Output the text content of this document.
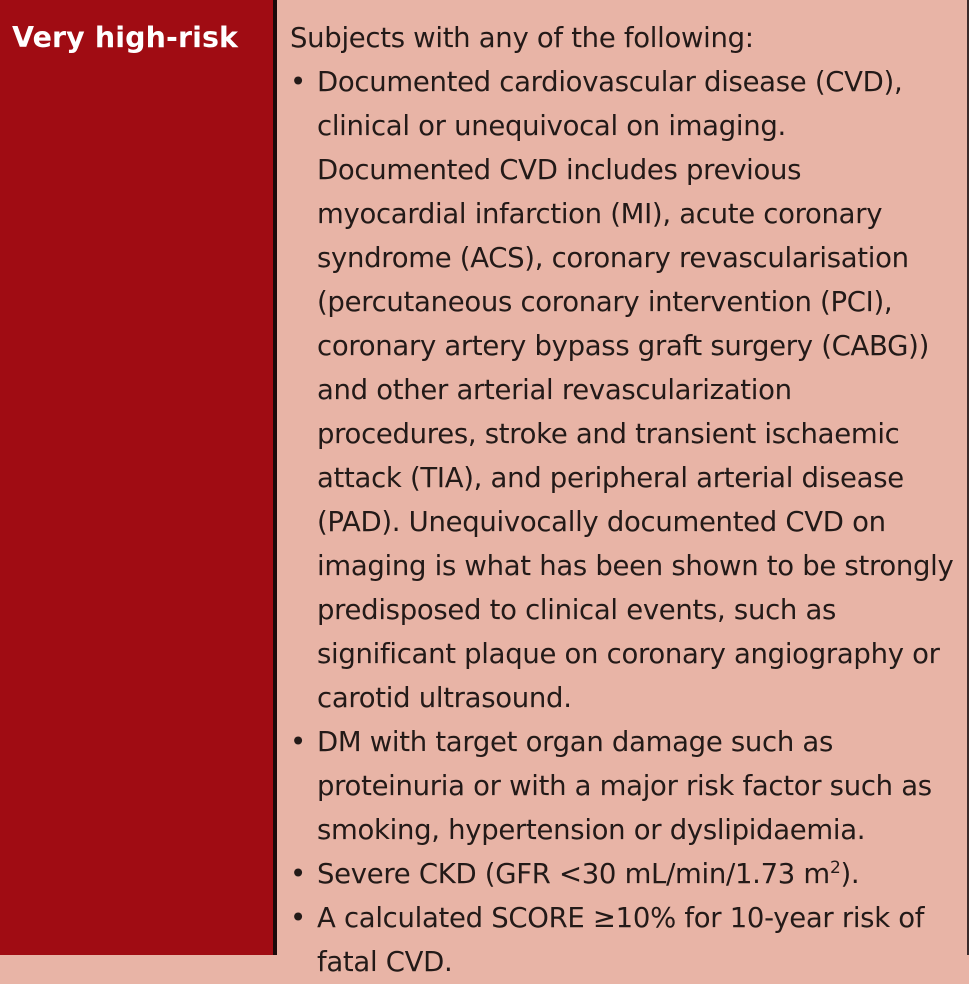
Very high-risk	Subjects with any of the following:
• Documented cardiovascular disease (CVD), clinical or unequivocal on imaging. Documented CVD includes previous myocardial infarction (MI), acute coronary syndrome (ACS), coronary revascularisation (percutaneous coronary intervention (PCI), coronary artery bypass graft surgery (CABG)) and other arterial revascularization procedures, stroke and transient ischaemic attack (TIA), and peripheral arterial disease (PAD). Unequivocally documented CVD on imaging is what has been shown to be strongly predisposed to clinical events, such as significant plaque on coronary angiography or carotid ultrasound.
• DM with target organ damage such as proteinuria or with a major risk factor such as smoking, hypertension or dyslipidaemia.
• Severe CKD (GFR <30 mL/min/1.73 $m^2$).
• A calculated SCORE ≥10% for 10-year risk of fatal CVD.
